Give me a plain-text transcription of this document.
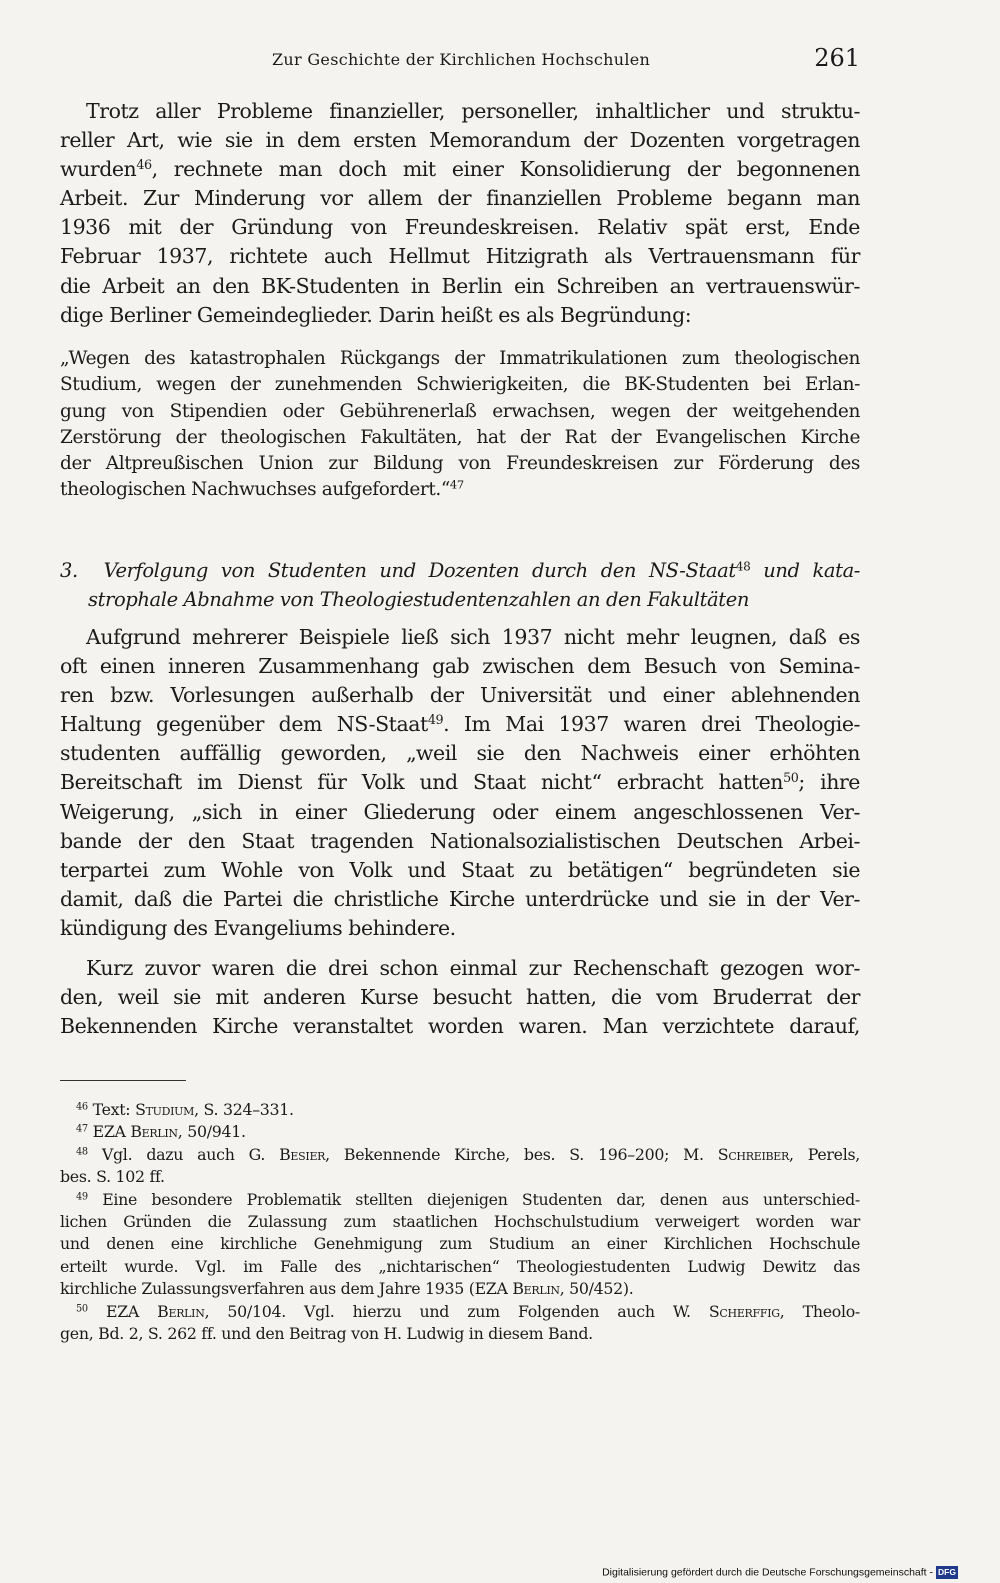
Zur Geschichte der Kirchlichen Hochschulen	261
Trotz aller Probleme finanzieller, personeller, inhaltlicher und struktu-
reller Art, wie sie in dem ersten Memorandum der Dozenten vorgetragen
wurden$^{46}$, rechnete man doch mit einer Konsolidierung der begonnenen
Arbeit. Zur Minderung vor allem der finanziellen Probleme begann man
1936 mit der Gründung von Freundeskreisen. Relativ spät erst, Ende
Februar 1937, richtete auch Hellmut Hitzigrath als Vertrauensmann für
die Arbeit an den BK-Studenten in Berlin ein Schreiben an vertrauenswür-
dige Berliner Gemeindeglieder. Darin heißt es als Begründung:
„Wegen des katastrophalen Rückgangs der Immatrikulationen zum theologischen
Studium, wegen der zunehmenden Schwierigkeiten, die BK-Studenten bei Erlan-
gung von Stipendien oder Gebührenerlaß erwachsen, wegen der weitgehenden
Zerstörung der theologischen Fakultäten, hat der Rat der Evangelischen Kirche
der Altpreußischen Union zur Bildung von Freundeskreisen zur Förderung des
theologischen Nachwuchses aufgefordert.“$^{47}$
3. Verfolgung von Studenten und Dozenten durch den NS-Staat$^{48}$ und kata-
strophale Abnahme von Theologiestudentenzahlen an den Fakultäten
Aufgrund mehrerer Beispiele ließ sich 1937 nicht mehr leugnen, daß es
oft einen inneren Zusammenhang gab zwischen dem Besuch von Semina-
ren bzw. Vorlesungen außerhalb der Universität und einer ablehnenden
Haltung gegenüber dem NS-Staat$^{49}$. Im Mai 1937 waren drei Theologie-
studenten auffällig geworden, „weil sie den Nachweis einer erhöhten
Bereitschaft im Dienst für Volk und Staat nicht“ erbracht hatten$^{50}$; ihre
Weigerung, „sich in einer Gliederung oder einem angeschlossenen Ver-
bande der den Staat tragenden Nationalsozialistischen Deutschen Arbei-
terpartei zum Wohle von Volk und Staat zu betätigen“ begründeten sie
damit, daß die Partei die christliche Kirche unterdrücke und sie in der Ver-
kündigung des Evangeliums behindere.
Kurz zuvor waren die drei schon einmal zur Rechenschaft gezogen wor-
den, weil sie mit anderen Kurse besucht hatten, die vom Bruderrat der
Bekennenden Kirche veranstaltet worden waren. Man verzichtete darauf,
$^{46}$ Text: Studium, S. 324–331.
$^{47}$ EZA Berlin, 50/941.
$^{48}$ Vgl. dazu auch G. Besier, Bekennende Kirche, bes. S. 196–200; M. Schreiber, Perels,
bes. S. 102 ff.
$^{49}$ Eine besondere Problematik stellten diejenigen Studenten dar, denen aus unterschied-
lichen Gründen die Zulassung zum staatlichen Hochschulstudium verweigert worden war
und denen eine kirchliche Genehmigung zum Studium an einer Kirchlichen Hochschule
erteilt wurde. Vgl. im Falle des „nichtarischen“ Theologiestudenten Ludwig Dewitz das
kirchliche Zulassungsverfahren aus dem Jahre 1935 (EZA Berlin, 50/452).
$^{50}$ EZA Berlin, 50/104. Vgl. hierzu und zum Folgenden auch W. Scherffig, Theolo-
gen, Bd. 2, S. 262 ff. und den Beitrag von H. Ludwig in diesem Band.
Digitalisierung gefördert durch die Deutsche Forschungsgemeinschaft - DFG
